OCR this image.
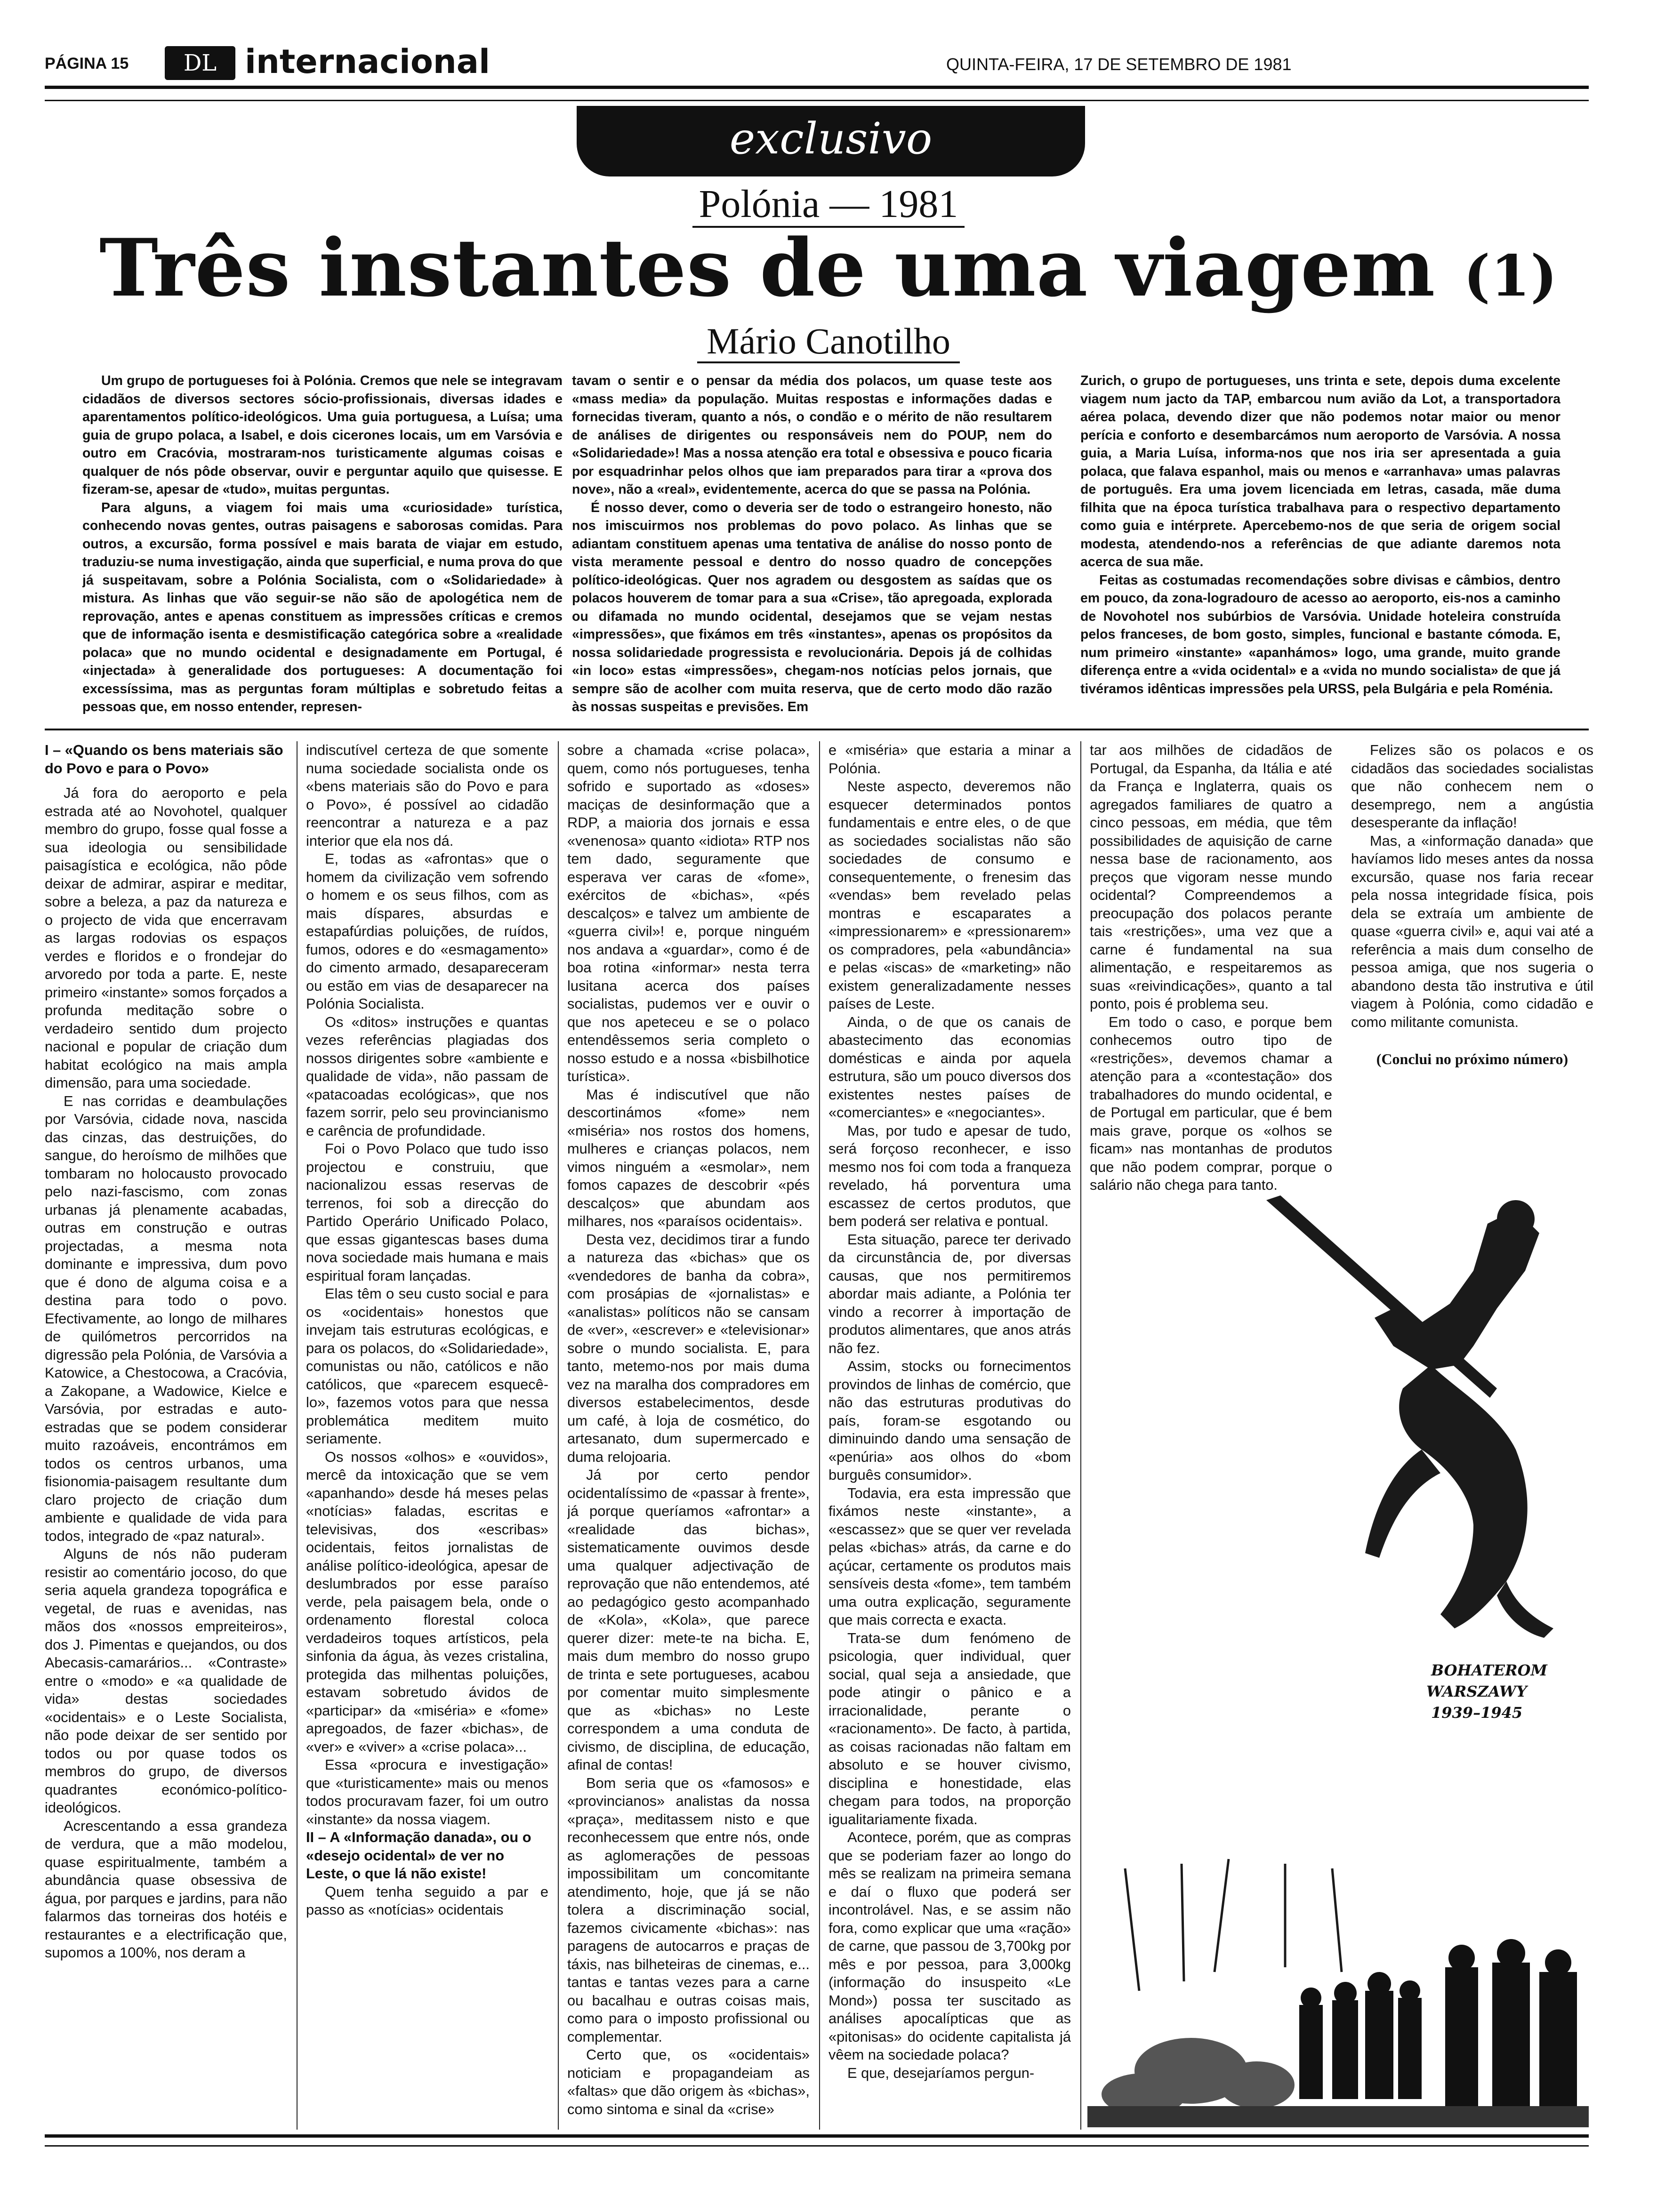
PÁGINA 15	DL internacional	QUINTA-FEIRA, 17 DE SETEMBRO DE 1981
exclusivo
Polónia — 1981
Três instantes de uma viagem (1)
Mário Canotilho

Um grupo de portugueses foi à Polónia. Cremos que nele se integravam cidadãos de diversos sectores sócio-profissionais, diversas idades e aparentamentos político-ideológicos. Uma guia portuguesa, a Luísa; uma guia de grupo polaca, a Isabel, e dois cicerones locais, um em Varsóvia e outro em Cracóvia, mostraram-nos turisticamente algumas coisas e qualquer de nós pôde observar, ouvir e perguntar aquilo que quisesse. E fizeram-se, apesar de «tudo», muitas perguntas.

Para alguns, a viagem foi mais uma «curiosidade» turística, conhecendo novas gentes, outras paisagens e saborosas comidas. Para outros, a excursão, forma possível e mais barata de viajar em estudo, traduziu-se numa investigação, ainda que superficial, e numa prova do que já suspeitavam, sobre a Polónia Socialista, com o «Solidariedade» à mistura. As linhas que vão seguir-se não são de apologética nem de reprovação, antes e apenas constituem as impressões críticas e cremos que de informação isenta e desmistificação categórica sobre a «realidade polaca» que no mundo ocidental e designadamente em Portugal, é «injectada» à generalidade dos portugueses: A documentação foi excessíssima, mas as perguntas foram múltiplas e sobretudo feitas a pessoas que, em nosso entender, represen-

tavam o sentir e o pensar da média dos polacos, um quase teste aos «mass media» da população. Muitas respostas e informações dadas e fornecidas tiveram, quanto a nós, o condão e o mérito de não resultarem de análises de dirigentes ou responsáveis nem do POUP, nem do «Solidariedade»! Mas a nossa atenção era total e obsessiva e pouco ficaria por esquadrinhar pelos olhos que iam preparados para tirar a «prova dos nove», não a «real», evidentemente, acerca do que se passa na Polónia.

É nosso dever, como o deveria ser de todo o estrangeiro honesto, não nos imiscuirmos nos problemas do povo polaco. As linhas que se adiantam constituem apenas uma tentativa de análise do nosso ponto de vista meramente pessoal e dentro do nosso quadro de concepções político-ideológicas. Quer nos agradem ou desgostem as saídas que os polacos houverem de tomar para a sua «Crise», tão apregoada, explorada ou difamada no mundo ocidental, desejamos que se vejam nestas «impressões», que fixámos em três «instantes», apenas os propósitos da nossa solidariedade progressista e revolucionária. Depois já de colhidas «in loco» estas «impressões», chegam-nos notícias pelos jornais, que sempre são de acolher com muita reserva, que de certo modo dão razão às nossas suspeitas e previsões. Em

Zurich, o grupo de portugueses, uns trinta e sete, depois duma excelente viagem num jacto da TAP, embarcou num avião da Lot, a transportadora aérea polaca, devendo dizer que não podemos notar maior ou menor perícia e conforto e desembarcámos num aeroporto de Varsóvia. A nossa guia, a Maria Luísa, informa-nos que nos iria ser apresentada a guia polaca, que falava espanhol, mais ou menos e «arranhava» umas palavras de português. Era uma jovem licenciada em letras, casada, mãe duma filhita que na época turística trabalhava para o respectivo departamento como guia e intérprete. Apercebemo-nos de que seria de origem social modesta, atendendo-nos a referências de que adiante daremos nota acerca de sua mãe.

Feitas as costumadas recomendações sobre divisas e câmbios, dentro em pouco, da zona-logradouro de acesso ao aeroporto, eis-nos a caminho de Novohotel nos subúrbios de Varsóvia. Unidade hoteleira construída pelos franceses, de bom gosto, simples, funcional e bastante cómoda. E, num primeiro «instante» «apanhámos» logo, uma grande, muito grande diferença entre a «vida ocidental» e a «vida no mundo socialista» de que já tivéramos idênticas impressões pela URSS, pela Bulgária e pela Roménia.

I – «Quando os bens materiais são do Povo e para o Povo»

Já fora do aeroporto e pela estrada até ao Novohotel, qualquer membro do grupo, fosse qual fosse a sua ideologia ou sensibilidade paisagística e ecológica, não pôde deixar de admirar, aspirar e meditar, sobre a beleza, a paz da natureza e o projecto de vida que encerravam as largas rodovias os espaços verdes e floridos e o frondejar do arvoredo por toda a parte. E, neste primeiro «instante» somos forçados a profunda meditação sobre o verdadeiro sentido dum projecto nacional e popular de criação dum habitat ecológico na mais ampla dimensão, para uma sociedade.

E nas corridas e deambulações por Varsóvia, cidade nova, nascida das cinzas, das destruições, do sangue, do heroísmo de milhões que tombaram no holocausto provocado pelo nazi-fascismo, com zonas urbanas já plenamente acabadas, outras em construção e outras projectadas, a mesma nota dominante e impressiva, dum povo que é dono de alguma coisa e a destina para todo o povo. Efectivamente, ao longo de milhares de quilómetros percorridos na digressão pela Polónia, de Varsóvia a Katowice, a Chestocowa, a Cracóvia, a Zakopane, a Wadowice, Kielce e Varsóvia, por estradas e auto-estradas que se podem considerar muito razoáveis, encontrámos em todos os centros urbanos, uma fisionomia-paisagem resultante dum claro projecto de criação dum ambiente e qualidade de vida para todos, integrado de «paz natural».

Alguns de nós não puderam resistir ao comentário jocoso, do que seria aquela grandeza topográfica e vegetal, de ruas e avenidas, nas mãos dos «nossos empreiteiros», dos J. Pimentas e quejandos, ou dos Abecasis-camarários... «Contraste» entre o «modo» e «a qualidade de vida» destas sociedades «ocidentais» e o Leste Socialista, não pode deixar de ser sentido por todos ou por quase todos os membros do grupo, de diversos quadrantes económico-político-ideológicos.

Acrescentando a essa grandeza de verdura, que a mão modelou, quase espiritualmente, também a abundância quase obsessiva de água, por parques e jardins, para não falarmos das torneiras dos hotéis e restaurantes e a electrificação que, supomos a 100%, nos deram a

indiscutível certeza de que somente numa sociedade socialista onde os «bens materiais são do Povo e para o Povo», é possível ao cidadão reencontrar a natureza e a paz interior que ela nos dá.

E, todas as «afrontas» que o homem da civilização vem sofrendo o homem e os seus filhos, com as mais díspares, absurdas e estapafúrdias poluições, de ruídos, fumos, odores e do «esmagamento» do cimento armado, desapareceram ou estão em vias de desaparecer na Polónia Socialista.

Os «ditos» instruções e quantas vezes referências plagiadas dos nossos dirigentes sobre «ambiente e qualidade de vida», não passam de «patacoadas ecológicas», que nos fazem sorrir, pelo seu provincianismo e carência de profundidade.

Foi o Povo Polaco que tudo isso projectou e construiu, que nacionalizou essas reservas de terrenos, foi sob a direcção do Partido Operário Unificado Polaco, que essas gigantescas bases duma nova sociedade mais humana e mais espiritual foram lançadas.

Elas têm o seu custo social e para os «ocidentais» honestos que invejam tais estruturas ecológicas, e para os polacos, do «Solidariedade», comunistas ou não, católicos e não católicos, que «parecem esquecê-lo», fazemos votos para que nessa problemática meditem muito seriamente.

Os nossos «olhos» e «ouvidos», mercê da intoxicação que se vem «apanhando» desde há meses pelas «notícias» faladas, escritas e televisivas, dos «escribas» ocidentais, feitos jornalistas de análise político-ideológica, apesar de deslumbrados por esse paraíso verde, pela paisagem bela, onde o ordenamento florestal coloca verdadeiros toques artísticos, pela sinfonia da água, às vezes cristalina, protegida das milhentas poluições, estavam sobretudo ávidos de «participar» da «miséria» e «fome» apregoados, de fazer «bichas», de «ver» e «viver» a «crise polaca»...

Essa «procura e investigação» que «turisticamente» mais ou menos todos procuravam fazer, foi um outro «instante» da nossa viagem.

II – A «Informação danada», ou o «desejo ocidental» de ver no Leste, o que lá não existe!

Quem tenha seguido a par e passo as «notícias» ocidentais

sobre a chamada «crise polaca», quem, como nós portugueses, tenha sofrido e suportado as «doses» maciças de desinformação que a RDP, a maioria dos jornais e essa «venenosa» quanto «idiota» RTP nos tem dado, seguramente que esperava ver caras de «fome», exércitos de «bichas», «pés descalços» e talvez um ambiente de «guerra civil»! e, porque ninguém nos andava a «guardar», como é de boa rotina «informar» nesta terra lusitana acerca dos países socialistas, pudemos ver e ouvir o que nos apeteceu e se o polaco entendêssemos seria completo o nosso estudo e a nossa «bisbilhotice turística».

Mas é indiscutível que não descortinámos «fome» nem «miséria» nos rostos dos homens, mulheres e crianças polacos, nem vimos ninguém a «esmolar», nem fomos capazes de descobrir «pés descalços» que abundam aos milhares, nos «paraísos ocidentais».

Desta vez, decidimos tirar a fundo a natureza das «bichas» que os «vendedores de banha da cobra», com prosápias de «jornalistas» e «analistas» políticos não se cansam de «ver», «escrever» e «televisionar» sobre o mundo socialista. E, para tanto, metemo-nos por mais duma vez na maralha dos compradores em diversos estabelecimentos, desde um café, à loja de cosmético, do artesanato, dum supermercado e duma relojoaria.

Já por certo pendor ocidentalíssimo de «passar à frente», já porque queríamos «afrontar» a «realidade das bichas», sistematicamente ouvimos desde uma qualquer adjectivação de reprovação que não entendemos, até ao pedagógico gesto acompanhado de «Kola», «Kola», que parece querer dizer: mete-te na bicha. E, mais dum membro do nosso grupo de trinta e sete portugueses, acabou por comentar muito simplesmente que as «bichas» no Leste correspondem a uma conduta de civismo, de disciplina, de educação, afinal de contas!

Bom seria que os «famosos» e «provincianos» analistas da nossa «praça», meditassem nisto e que reconhecessem que entre nós, onde as aglomerações de pessoas impossibilitam um concomitante atendimento, hoje, que já se não tolera a discriminação social, fazemos civicamente «bichas»: nas paragens de autocarros e praças de táxis, nas bilheteiras de cinemas, e... tantas e tantas vezes para a carne ou bacalhau e outras coisas mais, como para o imposto profissional ou complementar.

Certo que, os «ocidentais» noticiam e propagandeiam as «faltas» que dão origem às «bichas», como sintoma e sinal da «crise»

e «miséria» que estaria a minar a Polónia.

Neste aspecto, deveremos não esquecer determinados pontos fundamentais e entre eles, o de que as sociedades socialistas não são sociedades de consumo e consequentemente, o frenesim das «vendas» bem revelado pelas montras e escaparates a «impressionarem» e «pressionarem» os compradores, pela «abundância» e pelas «iscas» de «marketing» não existem generalizadamente nesses países de Leste.

Ainda, o de que os canais de abastecimento das economias domésticas e ainda por aquela estrutura, são um pouco diversos dos existentes nestes países de «comerciantes» e «negociantes».

Mas, por tudo e apesar de tudo, será forçoso reconhecer, e isso mesmo nos foi com toda a franqueza revelado, há porventura uma escassez de certos produtos, que bem poderá ser relativa e pontual.

Esta situação, parece ter derivado da circunstância de, por diversas causas, que nos permitiremos abordar mais adiante, a Polónia ter vindo a recorrer à importação de produtos alimentares, que anos atrás não fez.

Assim, stocks ou fornecimentos provindos de linhas de comércio, que não das estruturas produtivas do país, foram-se esgotando ou diminuindo dando uma sensação de «penúria» aos olhos do «bom burguês consumidor».

Todavia, era esta impressão que fixámos neste «instante», a «escassez» que se quer ver revelada pelas «bichas» atrás, da carne e do açúcar, certamente os produtos mais sensíveis desta «fome», tem também uma outra explicação, seguramente que mais correcta e exacta.

Trata-se dum fenómeno de psicologia, quer individual, quer social, qual seja a ansiedade, que pode atingir o pânico e a irracionalidade, perante o «racionamento». De facto, à partida, as coisas racionadas não faltam em absoluto e se houver civismo, disciplina e honestidade, elas chegam para todos, na proporção igualitariamente fixada.

Acontece, porém, que as compras que se poderiam fazer ao longo do mês se realizam na primeira semana e daí o fluxo que poderá ser incontrolável. Nas, e se assim não fora, como explicar que uma «ração» de carne, que passou de 3,700kg por mês e por pessoa, para 3,000kg (informação do insuspeito «Le Mond») possa ter suscitado as análises apocalípticas que as «pitonisas» do ocidente capitalista já vêem na sociedade polaca?

E que, desejaríamos pergun-

tar aos milhões de cidadãos de Portugal, da Espanha, da Itália e até da França e Inglaterra, quais os agregados familiares de quatro a cinco pessoas, em média, que têm possibilidades de aquisição de carne nessa base de racionamento, aos preços que vigoram nesse mundo ocidental? Compreendemos a preocupação dos polacos perante tais «restrições», uma vez que a carne é fundamental na sua alimentação, e respeitaremos as suas «reivindicações», quanto a tal ponto, pois é problema seu.

Em todo o caso, e porque bem conhecemos outro tipo de «restrições», devemos chamar a atenção para a «contestação» dos trabalhadores do mundo ocidental, e de Portugal em particular, que é bem mais grave, porque os «olhos se ficam» nas montanhas de produtos que não podem comprar, porque o salário não chega para tanto.

Felizes são os polacos e os cidadãos das sociedades socialistas que não conhecem nem o desemprego, nem a angústia desesperante da inflação!

Mas, a «informação danada» que havíamos lido meses antes da nossa excursão, quase nos faria recear pela nossa integridade física, pois dela se extraía um ambiente de quase «guerra civil» e, aqui vai até a referência a mais dum conselho de pessoa amiga, que nos sugeria o abandono desta tão instrutiva e útil viagem à Polónia, como cidadão e como militante comunista.

(Conclui no próximo número)
BOHATEROM
WARSZAWY
1939–1945
